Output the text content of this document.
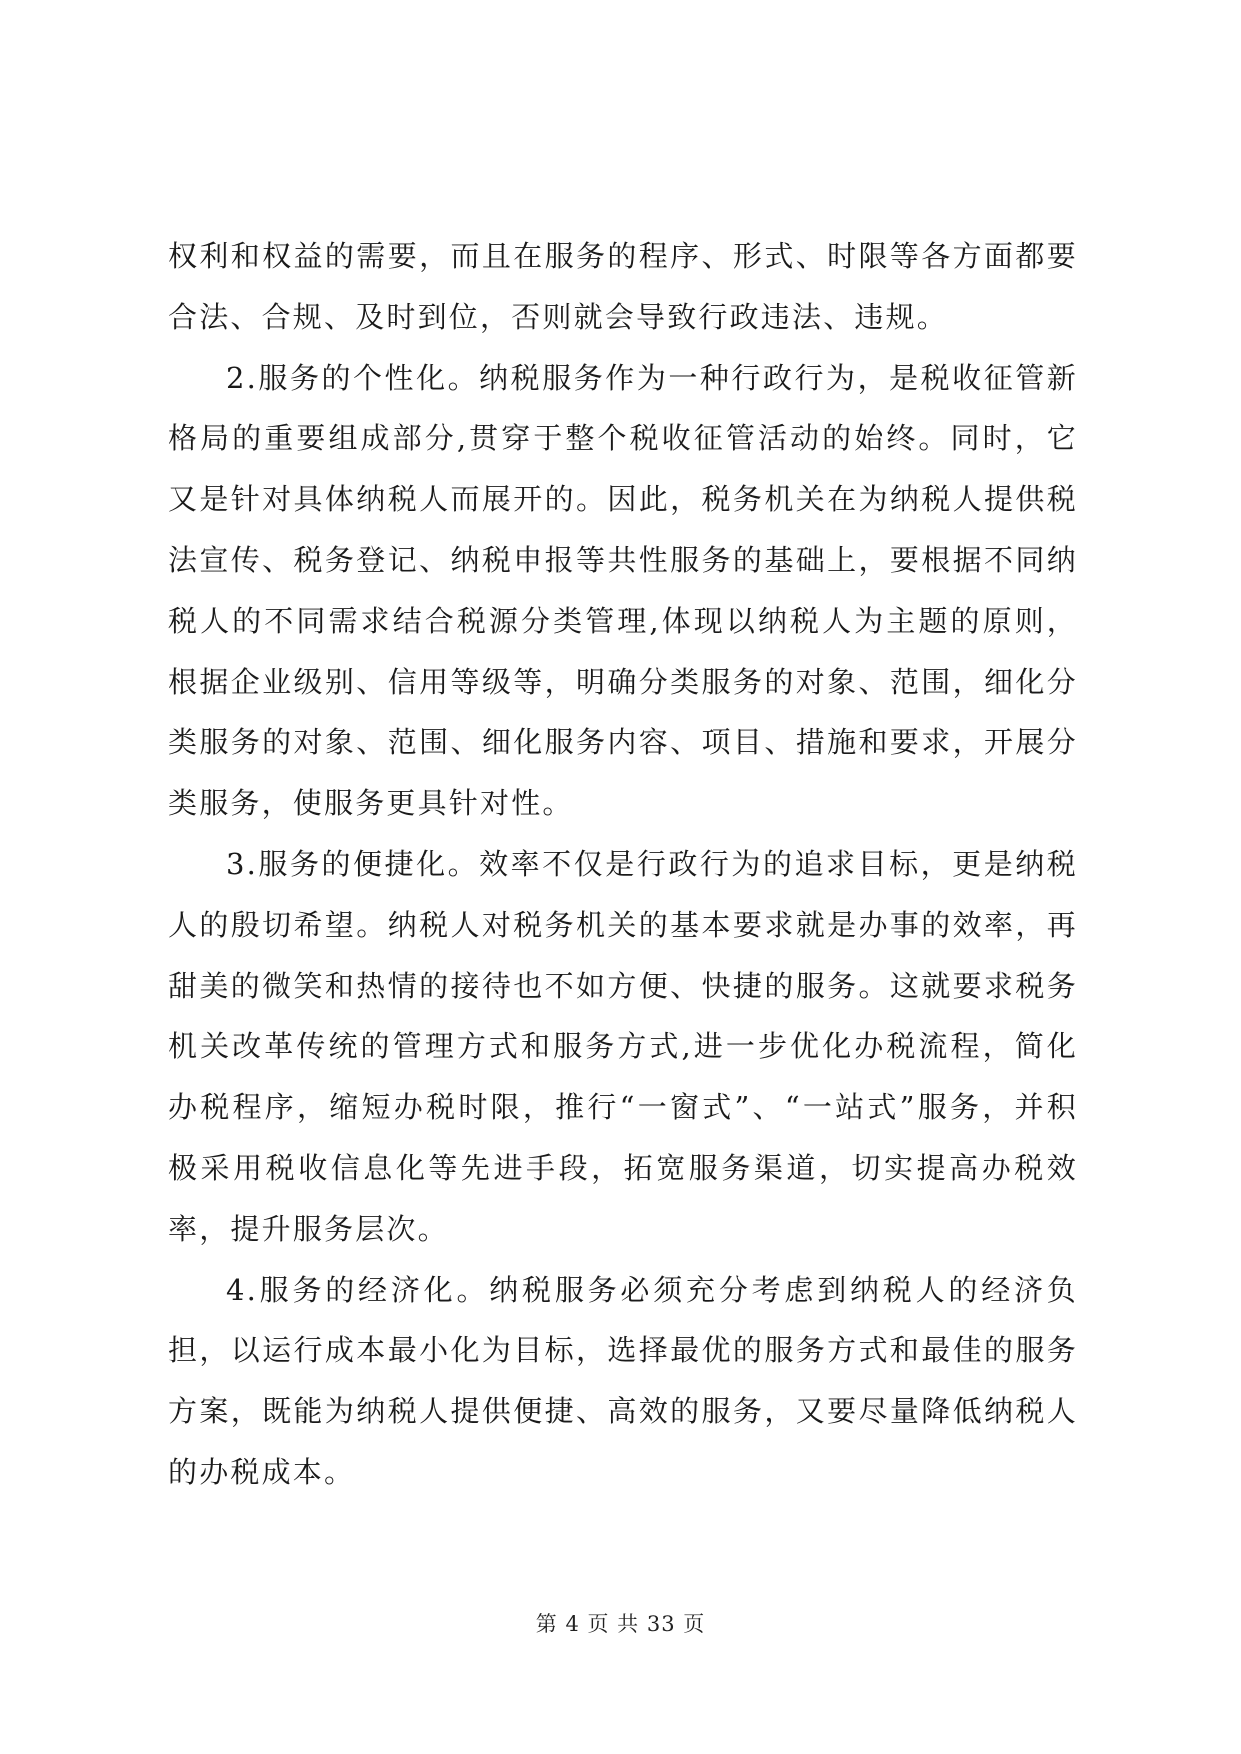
权利和权益的需要，而且在服务的程序、形式、时限等各方面都要合法、合规、及时到位，否则就会导致行政违法、违规。

2.服务的个性化。纳税服务作为一种行政行为，是税收征管新格局的重要组成部分,贯穿于整个税收征管活动的始终。同时，它又是针对具体纳税人而展开的。因此，税务机关在为纳税人提供税法宣传、税务登记、纳税申报等共性服务的基础上，要根据不同纳税人的不同需求结合税源分类管理,体现以纳税人为主题的原则，根据企业级别、信用等级等，明确分类服务的对象、范围，细化分类服务的对象、范围、细化服务内容、项目、措施和要求，开展分类服务，使服务更具针对性。

3.服务的便捷化。效率不仅是行政行为的追求目标，更是纳税人的殷切希望。纳税人对税务机关的基本要求就是办事的效率，再甜美的微笑和热情的接待也不如方便、快捷的服务。这就要求税务机关改革传统的管理方式和服务方式,进一步优化办税流程，简化办税程序，缩短办税时限，推行“一窗式”、“一站式”服务，并积极采用税收信息化等先进手段，拓宽服务渠道，切实提高办税效率，提升服务层次。

4.服务的经济化。纳税服务必须充分考虑到纳税人的经济负担，以运行成本最小化为目标，选择最优的服务方式和最佳的服务方案，既能为纳税人提供便捷、高效的服务，又要尽量降低纳税人的办税成本。

第 4 页 共 33 页
